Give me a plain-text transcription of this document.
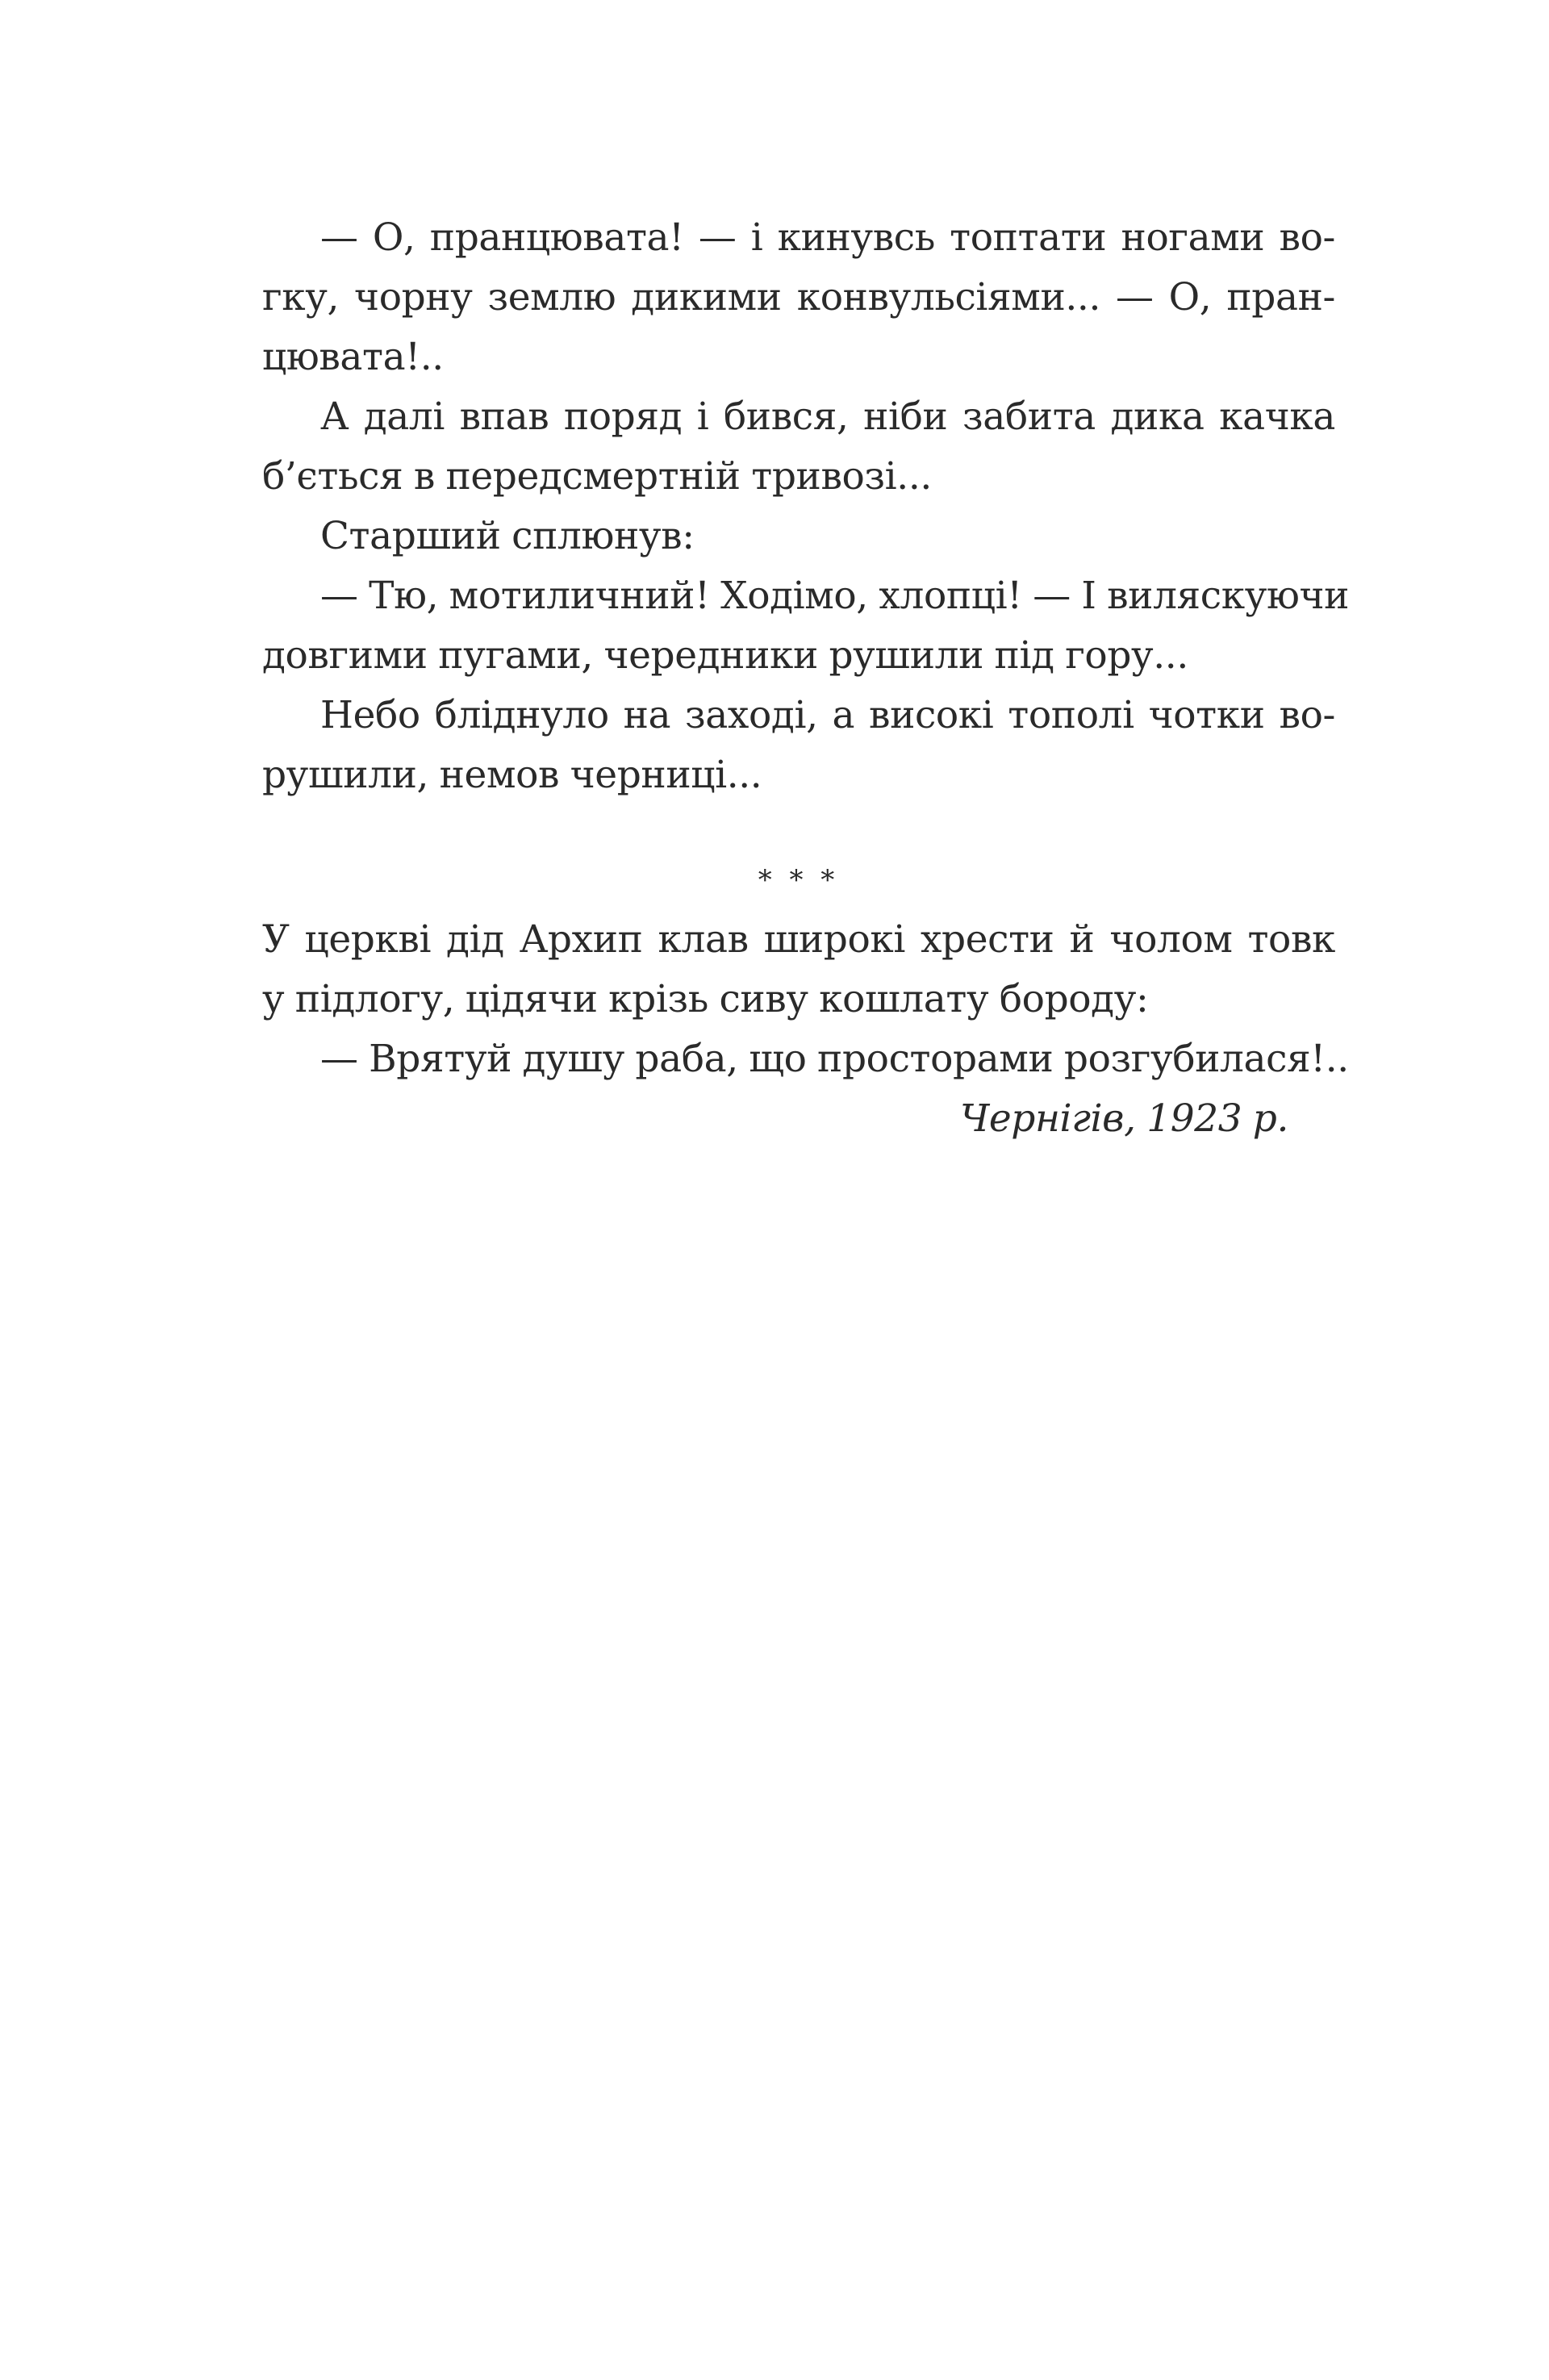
— О, пранцювата! — і кинувсь топтати ногами во-
гку, чорну землю дикими конвульсіями... — О, пран-
цювата!..
А далі впав поряд і бився, ніби забита дика качка
б’ється в передсмертній тривозі...
Старший сплюнув:
— Тю, мотиличний! Ходімо, хлопці! — І виляскуючи
довгими пугами, чередники рушили під гору...
Небо бліднуло на заході, а високі тополі чотки во-
рушили, немов черниці...
* * *
У церкві дід Архип клав широкі хрести й чолом товк
у підлогу, цідячи крізь сиву кошлату бороду:
— Врятуй душу раба, що просторами розгубилася!..
Чернігів, 1923 р.
